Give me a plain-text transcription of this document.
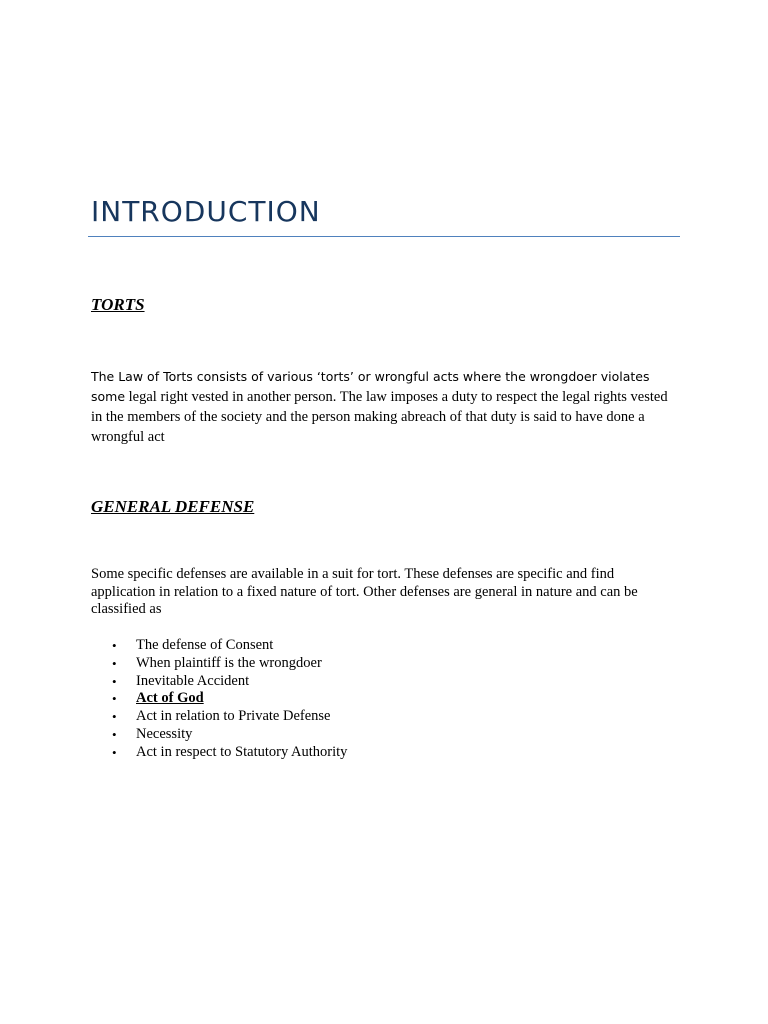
INTRODUCTION
TORTS

The Law of Torts consists of various ‘torts’ or wrongful acts where the wrongdoer violates some legal right vested in another person. The law imposes a duty to respect the legal rights vested in the members of the society and the person making abreach of that duty is said to have done a wrongful act

GENERAL DEFENSE

Some specific defenses are available in a suit for tort. These defenses are specific and find application in relation to a fixed nature of tort. Other defenses are general in nature and can be classified as

• The defense of Consent
• When plaintiff is the wrongdoer
• Inevitable Accident
• Act of God
• Act in relation to Private Defense
• Necessity
• Act in respect to Statutory Authority
